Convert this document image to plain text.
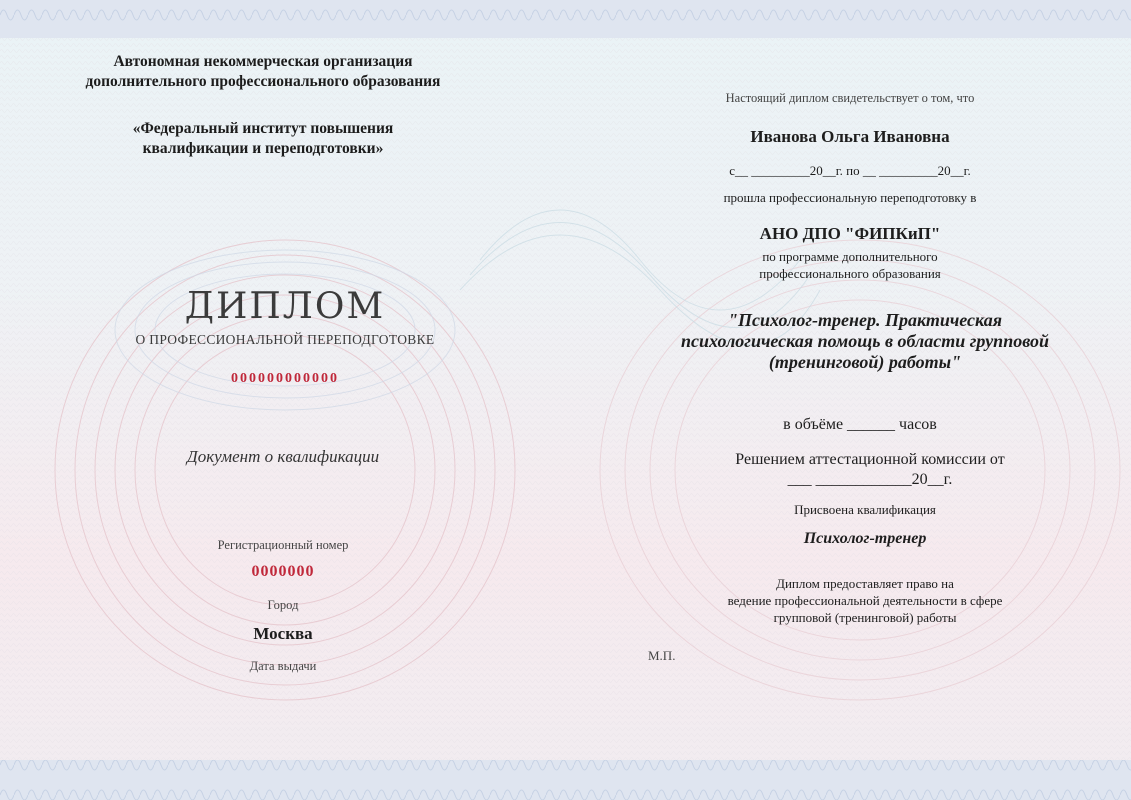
Автономная некоммерческая организация
дополнительного профессионального образования
«Федеральный институт повышения
квалификации и переподготовки»
ДИПЛОМ
О ПРОФЕССИОНАЛЬНОЙ ПЕРЕПОДГОТОВКЕ
000000000000
Документ о квалификации
Регистрационный номер
0000000
Город
Москва
Дата выдачи
Настоящий диплом свидетельствует о том, что
Иванова Ольга Ивановна
с__ _________20__г. по __ _________20__г.
прошла профессиональную переподготовку в
АНО ДПО "ФИПКиП"
по программе дополнительного
профессионального образования
"Психолог-тренер. Практическая
психологическая помощь в области групповой
(тренинговой) работы"
в объёме ______ часов
Решением аттестационной комиссии от
___ ____________20__г.
Присвоена квалификация
Психолог-тренер
Диплом предоставляет право на
ведение профессиональной деятельности в сфере
групповой (тренинговой) работы
М.П.
